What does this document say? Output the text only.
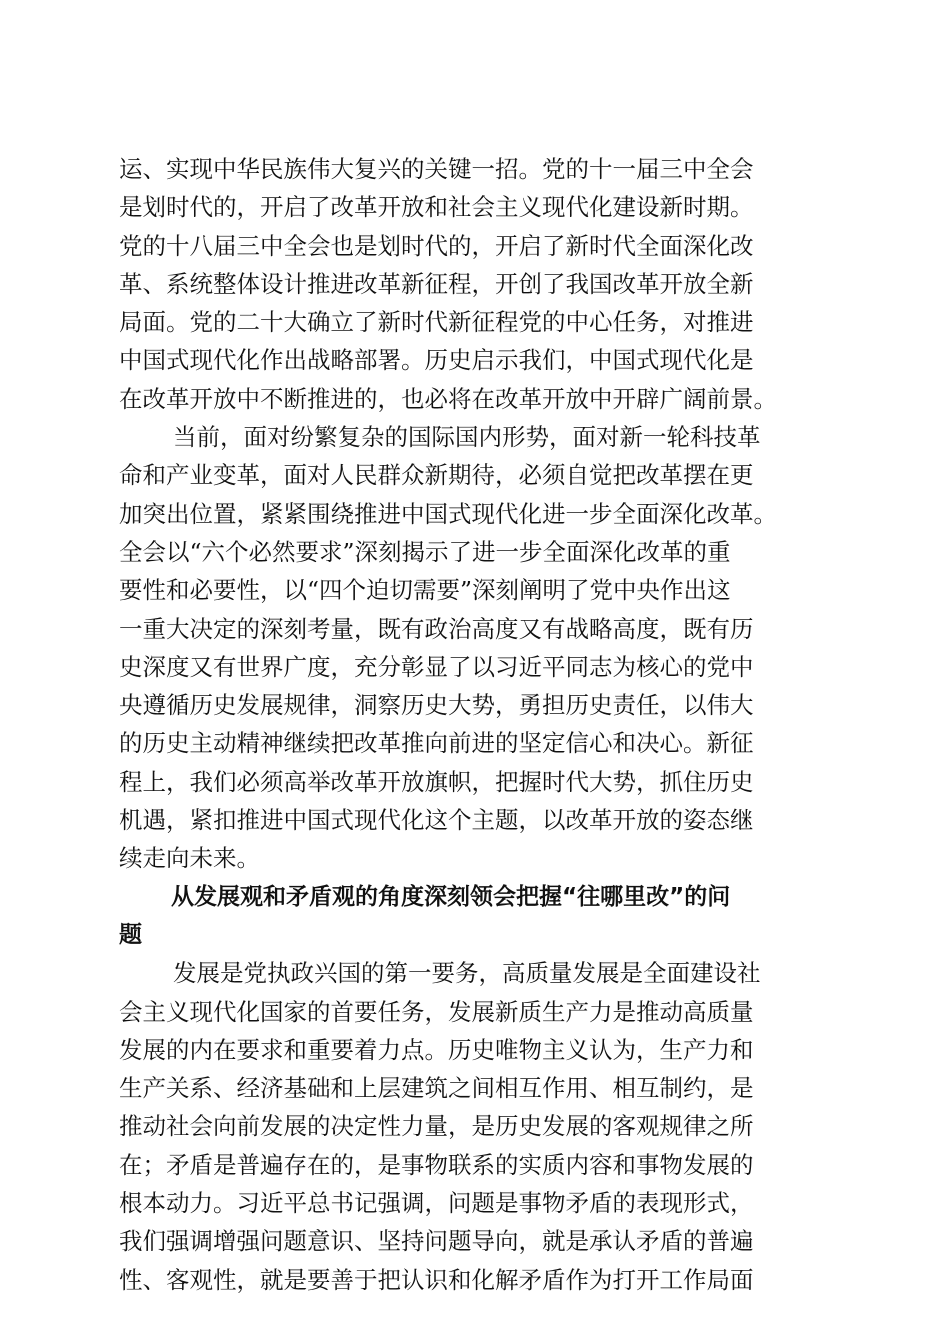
运、实现中华民族伟大复兴的关键一招。党的十一届三中全会
是划时代的，开启了改革开放和社会主义现代化建设新时期。
党的十八届三中全会也是划时代的，开启了新时代全面深化改
革、系统整体设计推进改革新征程，开创了我国改革开放全新
局面。党的二十大确立了新时代新征程党的中心任务，对推进
中国式现代化作出战略部署。历史启示我们，中国式现代化是
在改革开放中不断推进的，也必将在改革开放中开辟广阔前景。
当前，面对纷繁复杂的国际国内形势，面对新一轮科技革
命和产业变革，面对人民群众新期待，必须自觉把改革摆在更
加突出位置，紧紧围绕推进中国式现代化进一步全面深化改革。
全会以“六个必然要求”深刻揭示了进一步全面深化改革的重
要性和必要性，以“四个迫切需要”深刻阐明了党中央作出这
一重大决定的深刻考量，既有政治高度又有战略高度，既有历
史深度又有世界广度，充分彰显了以习近平同志为核心的党中
央遵循历史发展规律，洞察历史大势，勇担历史责任，以伟大
的历史主动精神继续把改革推向前进的坚定信心和决心。新征
程上，我们必须高举改革开放旗帜，把握时代大势，抓住历史
机遇，紧扣推进中国式现代化这个主题，以改革开放的姿态继
续走向未来。
从发展观和矛盾观的角度深刻领会把握“往哪里改”的问
题
发展是党执政兴国的第一要务，高质量发展是全面建设社
会主义现代化国家的首要任务，发展新质生产力是推动高质量
发展的内在要求和重要着力点。历史唯物主义认为，生产力和
生产关系、经济基础和上层建筑之间相互作用、相互制约，是
推动社会向前发展的决定性力量，是历史发展的客观规律之所
在；矛盾是普遍存在的，是事物联系的实质内容和事物发展的
根本动力。习近平总书记强调，问题是事物矛盾的表现形式，
我们强调增强问题意识、坚持问题导向，就是承认矛盾的普遍
性、客观性，就是要善于把认识和化解矛盾作为打开工作局面
